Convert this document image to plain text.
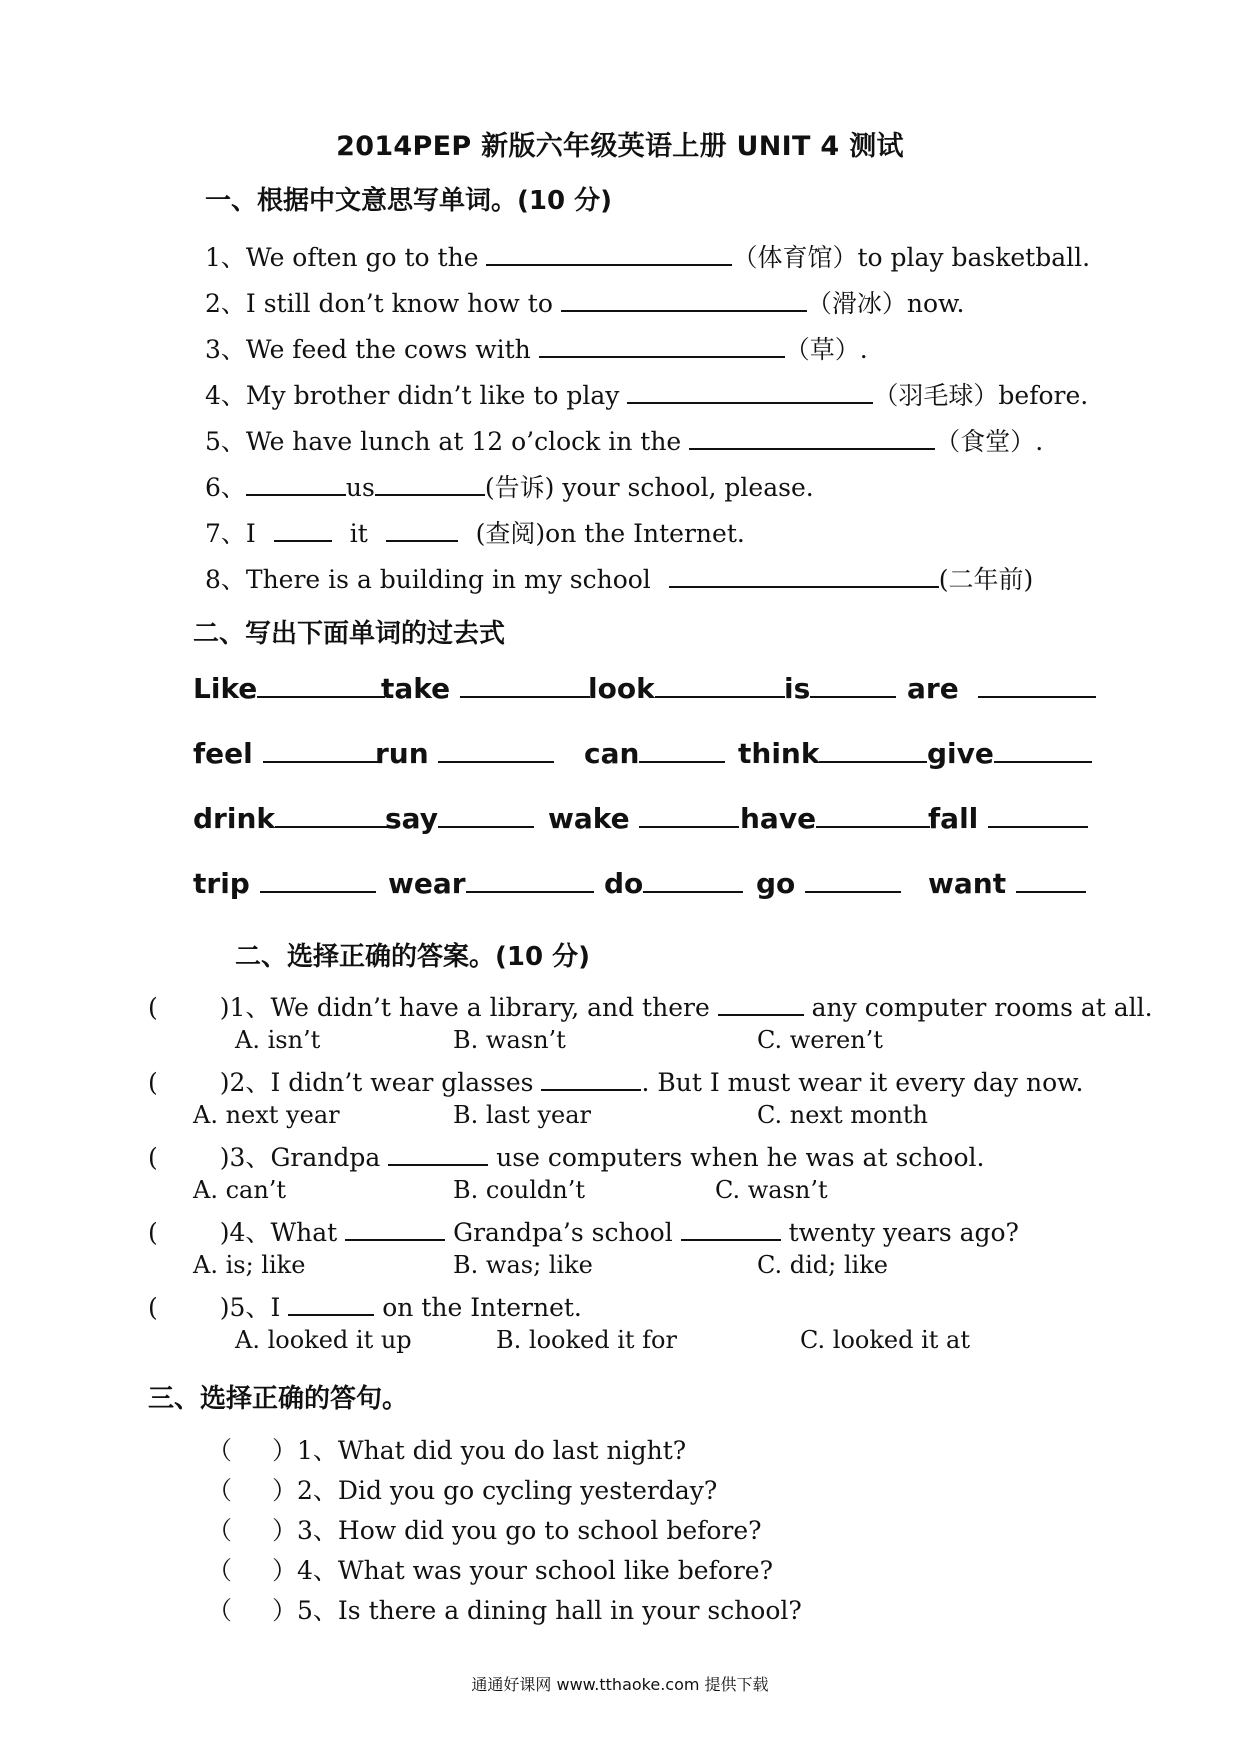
2014PEP 新版六年级英语上册 UNIT 4 测试
一、根据中文意思写单词。(10 分)
1、We often go to the	（体育馆）to play basketball.
2、I still don’t know how to	（滑冰）now.
3、We feed the cows with	（草）.
4、My brother didn’t like to play	（羽毛球）before.
5、We have lunch at 12 o’clock in the	（食堂）.
6、	us	(告诉) your school, please.
7、I	it	(查阅)on the Internet.
8、There is a building in my school	(二年前)
二、写出下面单词的过去式
Like	take	look	is	are
feel	run	can	think	give
drink	say	wake	have	fall
trip	wear	do	go	want
二、选择正确的答案。(10 分)
( )1、We didn’t have a library, and there	any computer rooms at all.
A. isn’t	B. wasn’t	C. weren’t
( )2、I didn’t wear glasses	. But I must wear it every day now.
A. next year	B. last year	C. next month
( )3、Grandpa	use computers when he was at school.
A. can’t	B. couldn’t	C. wasn’t
( )4、What	Grandpa’s school	twenty years ago?
A. is; like	B. was; like	C. did; like
( )5、I	on the Internet.
A. looked it up	B. looked it for	C. looked it at
三、选择正确的答句。
（ ）1、What did you do last night?
（ ）2、Did you go cycling yesterday?
（ ）3、How did you go to school before?
（ ）4、What was your school like before?
（ ）5、Is there a dining hall in your school?
通通好课网 www.tthaoke.com 提供下载
